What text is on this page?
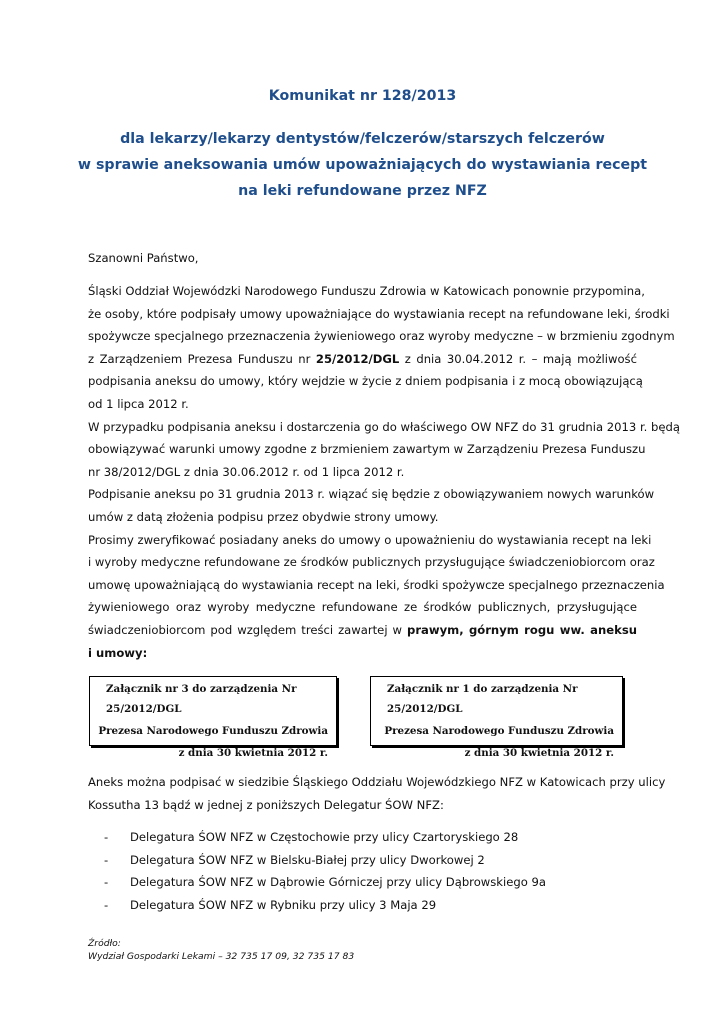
Komunikat nr 128/2013
dla lekarzy/lekarzy dentystów/felczerów/starszych felczerów
w sprawie aneksowania umów upoważniających do wystawiania recept
na leki refundowane przez NFZ
Szanowni Państwo,
Śląski Oddział Wojewódzki Narodowego Funduszu Zdrowia w Katowicach ponownie przypomina,
że osoby, które podpisały umowy upoważniające do wystawiania recept na refundowane leki, środki
spożywcze specjalnego przeznaczenia żywieniowego oraz wyroby medyczne – w brzmieniu zgodnym
z Zarządzeniem Prezesa Funduszu nr 25/2012/DGL z dnia 30.04.2012 r. – mają możliwość
podpisania aneksu do umowy, który wejdzie w życie z dniem podpisania i z mocą obowiązującą
od 1 lipca 2012 r.
W przypadku podpisania aneksu i dostarczenia go do właściwego OW NFZ do 31 grudnia 2013 r. będą
obowiązywać warunki umowy zgodne z brzmieniem zawartym w Zarządzeniu Prezesa Funduszu
nr 38/2012/DGL z dnia 30.06.2012 r. od 1 lipca 2012 r.
Podpisanie aneksu po 31 grudnia 2013 r. wiązać się będzie z obowiązywaniem nowych warunków
umów z datą złożenia podpisu przez obydwie strony umowy.
Prosimy zweryfikować posiadany aneks do umowy o upoważnieniu do wystawiania recept na leki
i wyroby medyczne refundowane ze środków publicznych przysługujące świadczeniobiorcom oraz
umowę upoważniającą do wystawiania recept na leki, środki spożywcze specjalnego przeznaczenia
żywieniowego oraz wyroby medyczne refundowane ze środków publicznych, przysługujące
świadczeniobiorcom pod względem treści zawartej w prawym, górnym rogu ww. aneksu
i umowy:
Załącznik nr 3 do zarządzenia Nr 25/2012/DGL
Prezesa Narodowego Funduszu Zdrowia
z dnia 30 kwietnia 2012 r.
Załącznik nr 1 do zarządzenia Nr 25/2012/DGL
Prezesa Narodowego Funduszu Zdrowia
z dnia 30 kwietnia 2012 r.
Aneks można podpisać w siedzibie Śląskiego Oddziału Wojewódzkiego NFZ w Katowicach przy ulicy
Kossutha 13 bądź w jednej z poniższych Delegatur ŚOW NFZ:
- Delegatura ŚOW NFZ w Częstochowie przy ulicy Czartoryskiego 28
- Delegatura ŚOW NFZ w Bielsku-Białej przy ulicy Dworkowej 2
- Delegatura ŚOW NFZ w Dąbrowie Górniczej przy ulicy Dąbrowskiego 9a
- Delegatura ŚOW NFZ w Rybniku przy ulicy 3 Maja 29
Źródło:
Wydział Gospodarki Lekami – 32 735 17 09, 32 735 17 83
